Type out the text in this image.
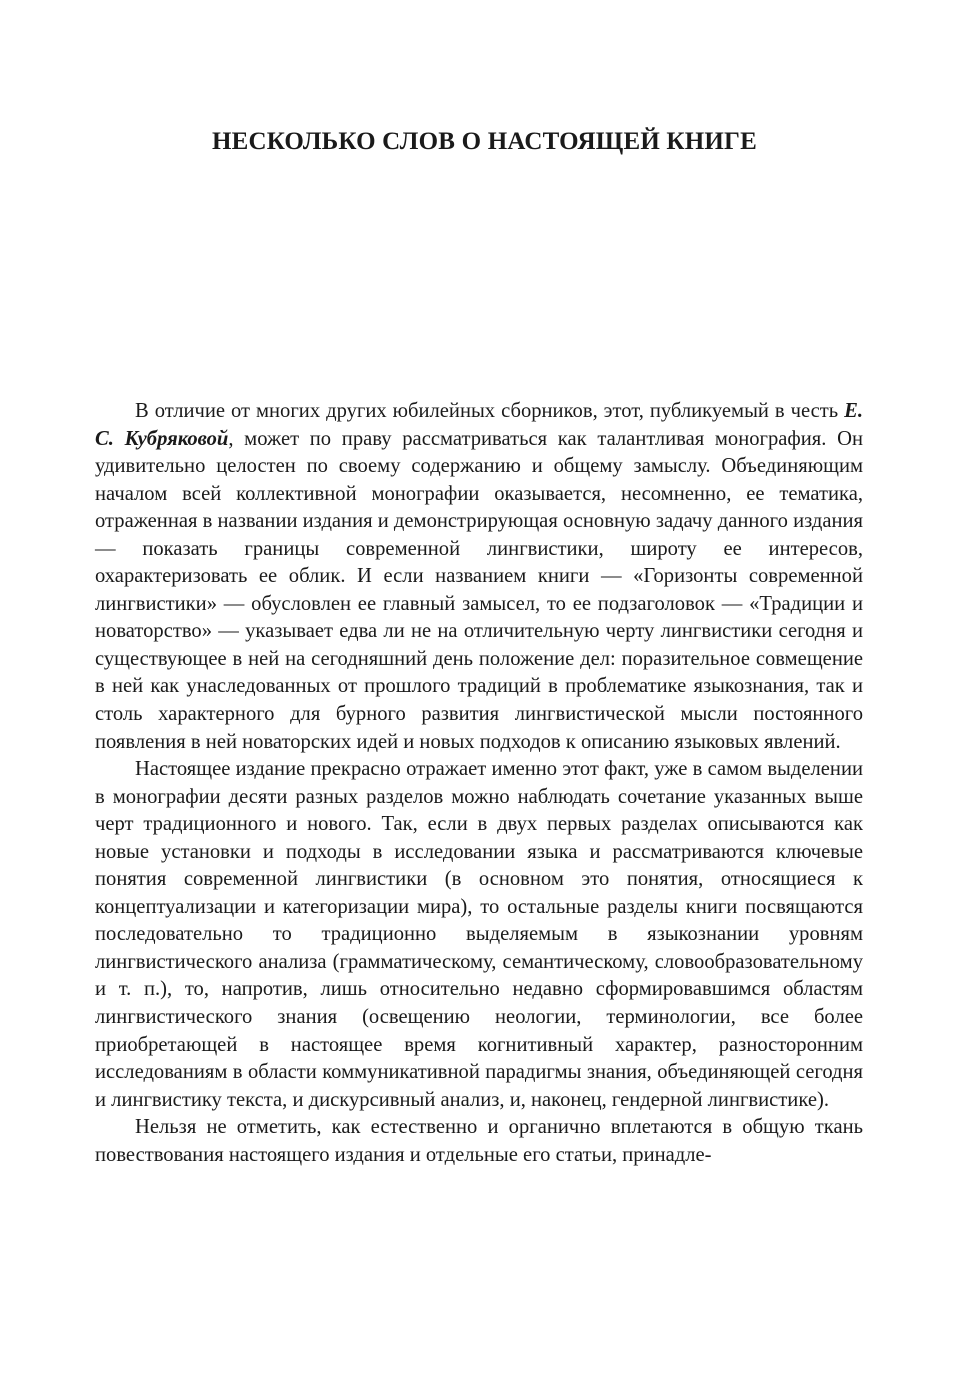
НЕСКОЛЬКО СЛОВ О НАСТОЯЩЕЙ КНИГЕ

В отличие от многих других юбилейных сборников, этот, публикуемый в честь Е. С. Кубряковой, может по праву рассматриваться как талантливая монография. Он удивительно целостен по своему содержанию и общему замыслу. Объединяющим началом всей коллективной монографии оказывается, несомненно, ее тематика, отраженная в названии издания и демонстрирующая основную задачу данного издания — показать границы современной лингвистики, широту ее интересов, охарактеризовать ее облик. И если названием книги — «Горизонты современной лингвистики» — обусловлен ее главный замысел, то ее подзаголовок — «Традиции и новаторство» — указывает едва ли не на отличительную черту лингвистики сегодня и существующее в ней на сегодняшний день положение дел: поразительное совмещение в ней как унаследованных от прошлого традиций в проблематике языкознания, так и столь характерного для бурного развития лингвистической мысли постоянного появления в ней новаторских идей и новых подходов к описанию языковых явлений.

Настоящее издание прекрасно отражает именно этот факт, уже в самом выделении в монографии десяти разных разделов можно наблюдать сочетание указанных выше черт традиционного и нового. Так, если в двух первых разделах описываются как новые установки и подходы в исследовании языка и рассматриваются ключевые понятия современной лингвистики (в основном это понятия, относящиеся к концептуализации и категоризации мира), то остальные разделы книги посвящаются последовательно то традиционно выделяемым в языкознании уровням лингвистического анализа (грамматическому, семантическому, словообразовательному и т. п.), то, напротив, лишь относительно недавно сформировавшимся областям лингвистического знания (освещению неологии, терминологии, все более приобретающей в настоящее время когнитивный характер, разносторонним исследованиям в области коммуникативной парадигмы знания, объединяющей сегодня и лингвистику текста, и дискурсивный анализ, и, наконец, гендерной лингвистике).

Нельзя не отметить, как естественно и органично вплетаются в общую ткань повествования настоящего издания и отдельные его статьи, принадле-
